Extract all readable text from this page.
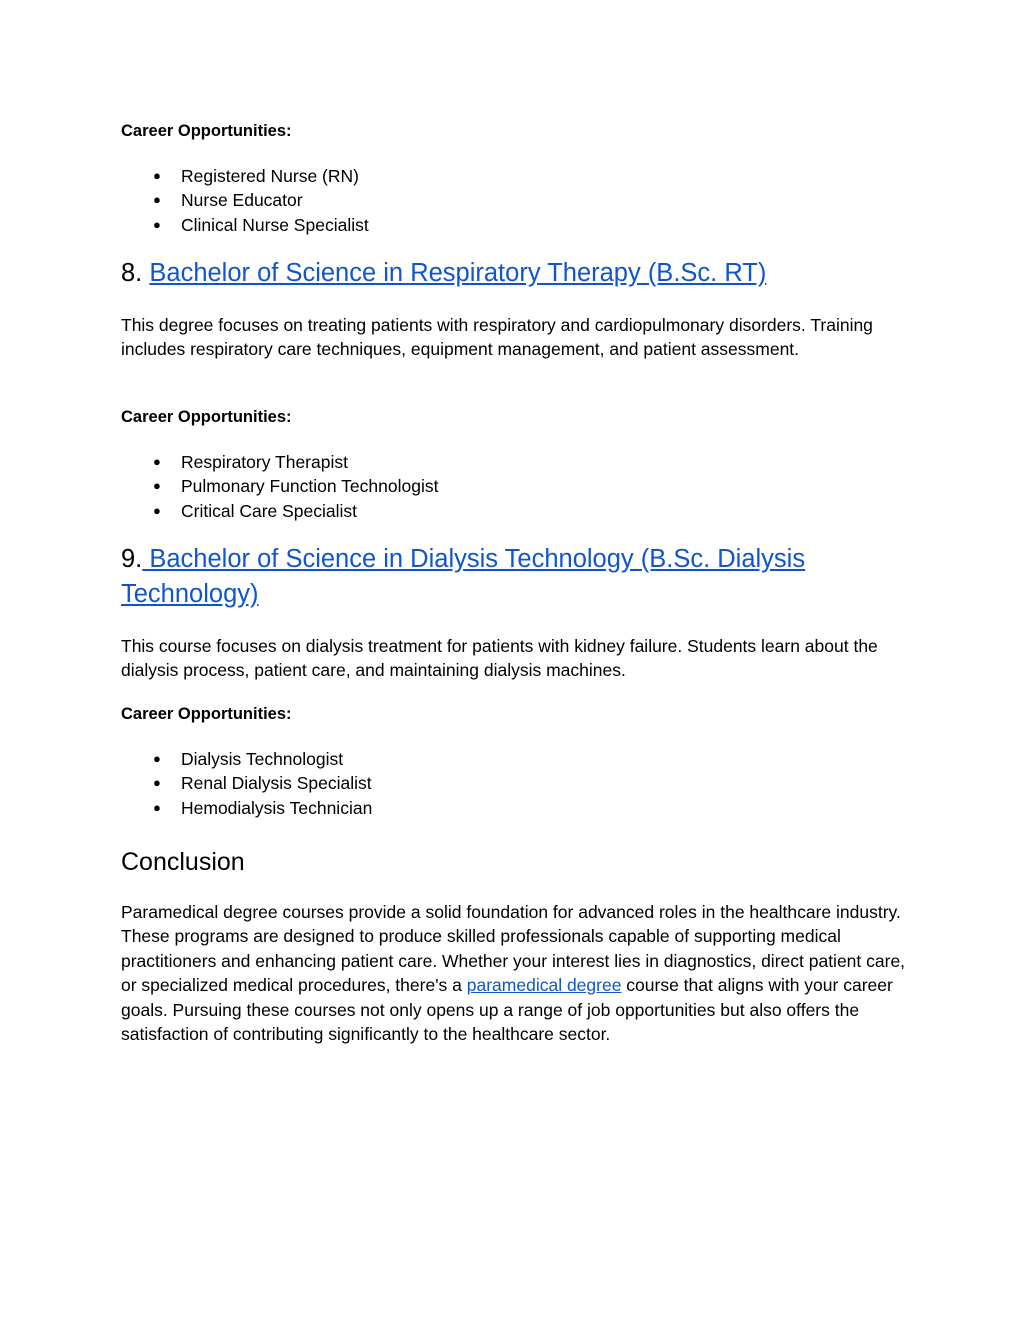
Career Opportunities:

● Registered Nurse (RN)
● Nurse Educator
● Clinical Nurse Specialist
8. Bachelor of Science in Respiratory Therapy (B.Sc. RT)

This degree focuses on treating patients with respiratory and cardiopulmonary disorders. Training includes respiratory care techniques, equipment management, and patient assessment.

Career Opportunities:

● Respiratory Therapist
● Pulmonary Function Technologist
● Critical Care Specialist
9. Bachelor of Science in Dialysis Technology (B.Sc. Dialysis Technology)

This course focuses on dialysis treatment for patients with kidney failure. Students learn about the dialysis process, patient care, and maintaining dialysis machines.

Career Opportunities:

● Dialysis Technologist
● Renal Dialysis Specialist
● Hemodialysis Technician
Conclusion

Paramedical degree courses provide a solid foundation for advanced roles in the healthcare industry. These programs are designed to produce skilled professionals capable of supporting medical practitioners and enhancing patient care. Whether your interest lies in diagnostics, direct patient care, or specialized medical procedures, there's a paramedical degree course that aligns with your career goals. Pursuing these courses not only opens up a range of job opportunities but also offers the satisfaction of contributing significantly to the healthcare sector.
